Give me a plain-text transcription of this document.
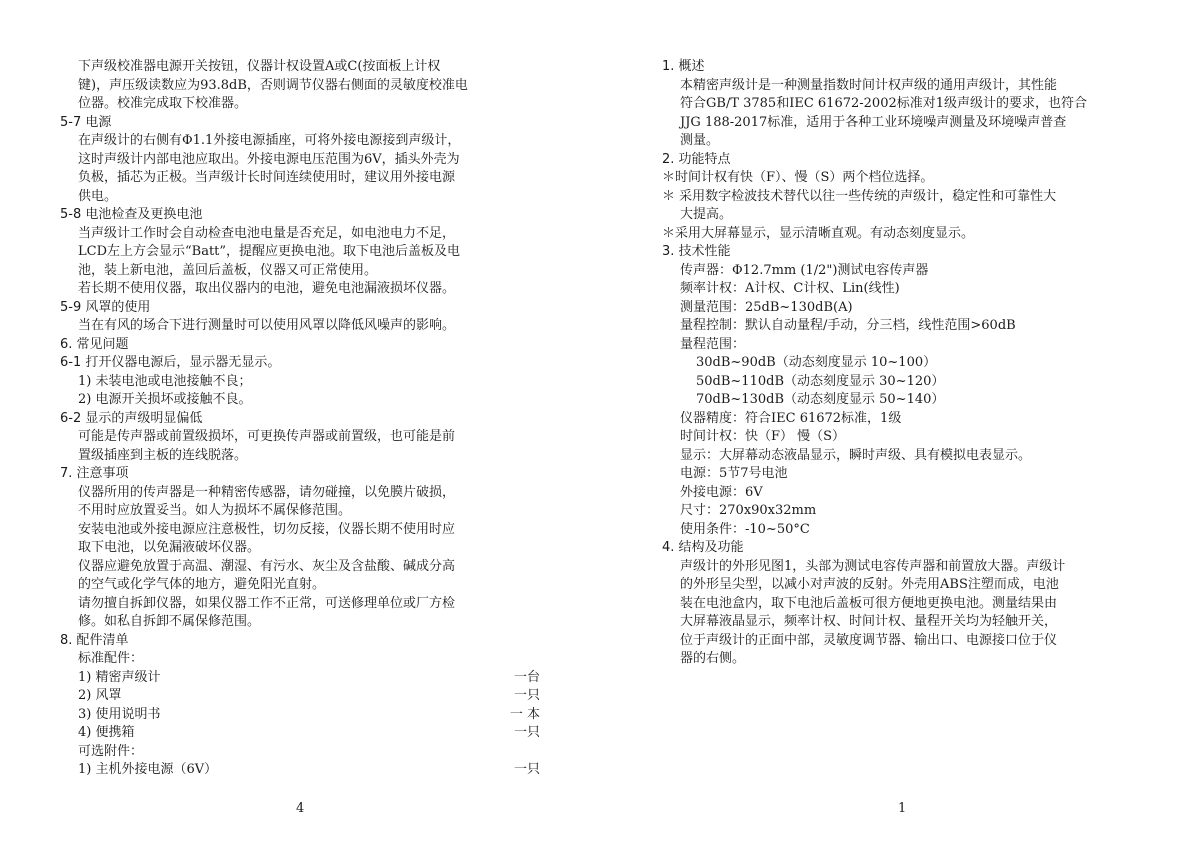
下声级校准器电源开关按钮，仪器计权设置A或C(按面板上计权
键)，声压级读数应为93.8dB，否则调节仪器右侧面的灵敏度校准电
位器。校准完成取下校准器。
5-7 电源
在声级计的右侧有Φ1.1外接电源插座，可将外接电源接到声级计，
这时声级计内部电池应取出。外接电源电压范围为6V，插头外壳为
负极，插芯为正极。当声级计长时间连续使用时，建议用外接电源
供电。
5-8 电池检查及更换电池
当声级计工作时会自动检查电池电量是否充足，如电池电力不足，
LCD左上方会显示“Batt”，提醒应更换电池。取下电池后盖板及电
池，装上新电池，盖回后盖板，仪器又可正常使用。
若长期不使用仪器，取出仪器内的电池，避免电池漏液损坏仪器。
5-9 风罩的使用
当在有风的场合下进行测量时可以使用风罩以降低风噪声的影响。
6. 常见问题
6-1 打开仪器电源后，显示器无显示。
1) 未装电池或电池接触不良；
2) 电源开关损坏或接触不良。
6-2 显示的声级明显偏低
可能是传声器或前置级损坏，可更换传声器或前置级，也可能是前
置级插座到主板的连线脱落。
7. 注意事项
仪器所用的传声器是一种精密传感器，请勿碰撞，以免膜片破损，
不用时应放置妥当。如人为损坏不属保修范围。
安装电池或外接电源应注意极性，切勿反接，仪器长期不使用时应
取下电池，以免漏液破坏仪器。
仪器应避免放置于高温、潮湿、有污水、灰尘及含盐酸、碱成分高
的空气或化学气体的地方，避免阳光直射。
请勿擅自拆卸仪器，如果仪器工作不正常，可送修理单位或厂方检
修。如私自拆卸不属保修范围。
8. 配件清单
标准配件：
1) 精密声级计	一台
2) 风罩	一只
3) 使用说明书	一 本
4) 便携箱	一只
可选附件：
1) 主机外接电源（6V）	一只
1. 概述
本精密声级计是一种测量指数时间计权声级的通用声级计，其性能
符合GB/T 3785和IEC 61672-2002标准对1级声级计的要求，也符合
JJG 188-2017标准，适用于各种工业环境噪声测量及环境噪声普查
测量。
2. 功能特点
＊时间计权有快（F）、慢（S）两个档位选择。
＊ 采用数字检波技术替代以往一些传统的声级计，稳定性和可靠性大
大提高。
＊采用大屏幕显示，显示清晰直观。有动态刻度显示。
3. 技术性能
传声器：Φ12.7mm (1/2")测试电容传声器
频率计权：A计权、C计权、Lin(线性)
测量范围：25dB~130dB(A)
量程控制：默认自动量程/手动，分三档，线性范围>60dB
量程范围：
30dB~90dB（动态刻度显示 10~100）
50dB~110dB（动态刻度显示 30~120）
70dB~130dB（动态刻度显示 50~140）
仪器精度：符合IEC 61672标准，1级
时间计权：快（F） 慢（S）
显示：大屏幕动态液晶显示，瞬时声级、具有模拟电表显示。
电源：5节7号电池
外接电源：6V
尺寸：270x90x32mm
使用条件：-10~50°C
4. 结构及功能
声级计的外形见图1，头部为测试电容传声器和前置放大器。声级计
的外形呈尖型，以减小对声波的反射。外壳用ABS注塑而成，电池
装在电池盒内，取下电池后盖板可很方便地更换电池。测量结果由
大屏幕液晶显示，频率计权、时间计权、量程开关均为轻触开关，
位于声级计的正面中部，灵敏度调节器、输出口、电源接口位于仪
器的右侧。
4	1
